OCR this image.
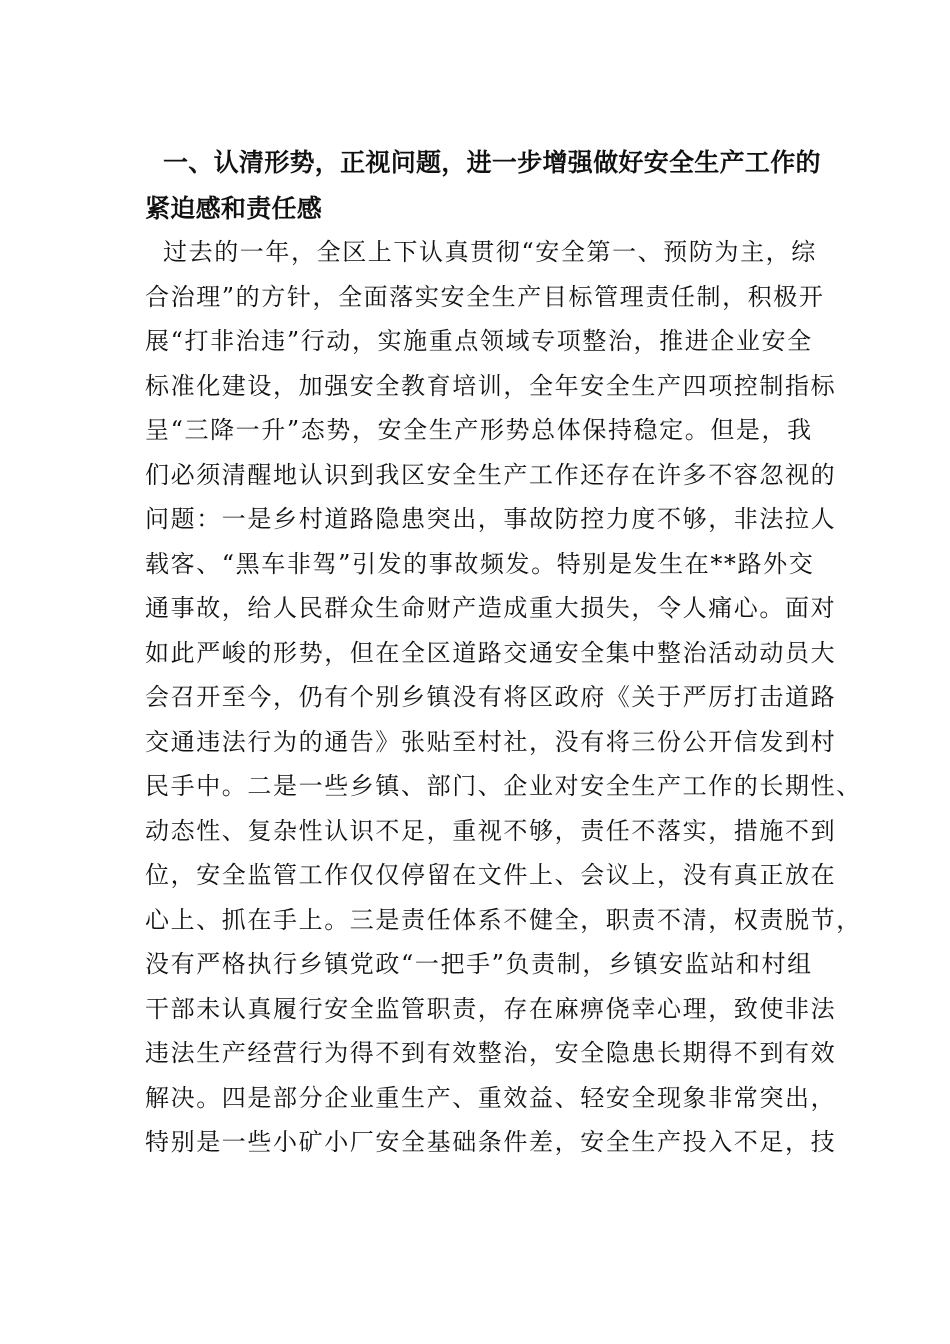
一、认清形势，正视问题，进一步增强做好安全生产工作的
紧迫感和责任感
过去的一年，全区上下认真贯彻“安全第一、预防为主，综
合治理”的方针，全面落实安全生产目标管理责任制，积极开
展“打非治违”行动，实施重点领域专项整治，推进企业安全
标准化建设，加强安全教育培训，全年安全生产四项控制指标
呈“三降一升”态势，安全生产形势总体保持稳定。但是，我
们必须清醒地认识到我区安全生产工作还存在许多不容忽视的
问题：一是乡村道路隐患突出，事故防控力度不够，非法拉人
载客、“黑车非驾”引发的事故频发。特别是发生在**路外交
通事故，给人民群众生命财产造成重大损失，令人痛心。面对
如此严峻的形势，但在全区道路交通安全集中整治活动动员大
会召开至今，仍有个别乡镇没有将区政府《关于严厉打击道路
交通违法行为的通告》张贴至村社，没有将三份公开信发到村
民手中。二是一些乡镇、部门、企业对安全生产工作的长期性、
动态性、复杂性认识不足，重视不够，责任不落实，措施不到
位，安全监管工作仅仅停留在文件上、会议上，没有真正放在
心上、抓在手上。三是责任体系不健全，职责不清，权责脱节，
没有严格执行乡镇党政“一把手”负责制，乡镇安监站和村组
干部未认真履行安全监管职责，存在麻痹侥幸心理，致使非法
违法生产经营行为得不到有效整治，安全隐患长期得不到有效
解决。四是部分企业重生产、重效益、轻安全现象非常突出，
特别是一些小矿小厂安全基础条件差，安全生产投入不足，技
